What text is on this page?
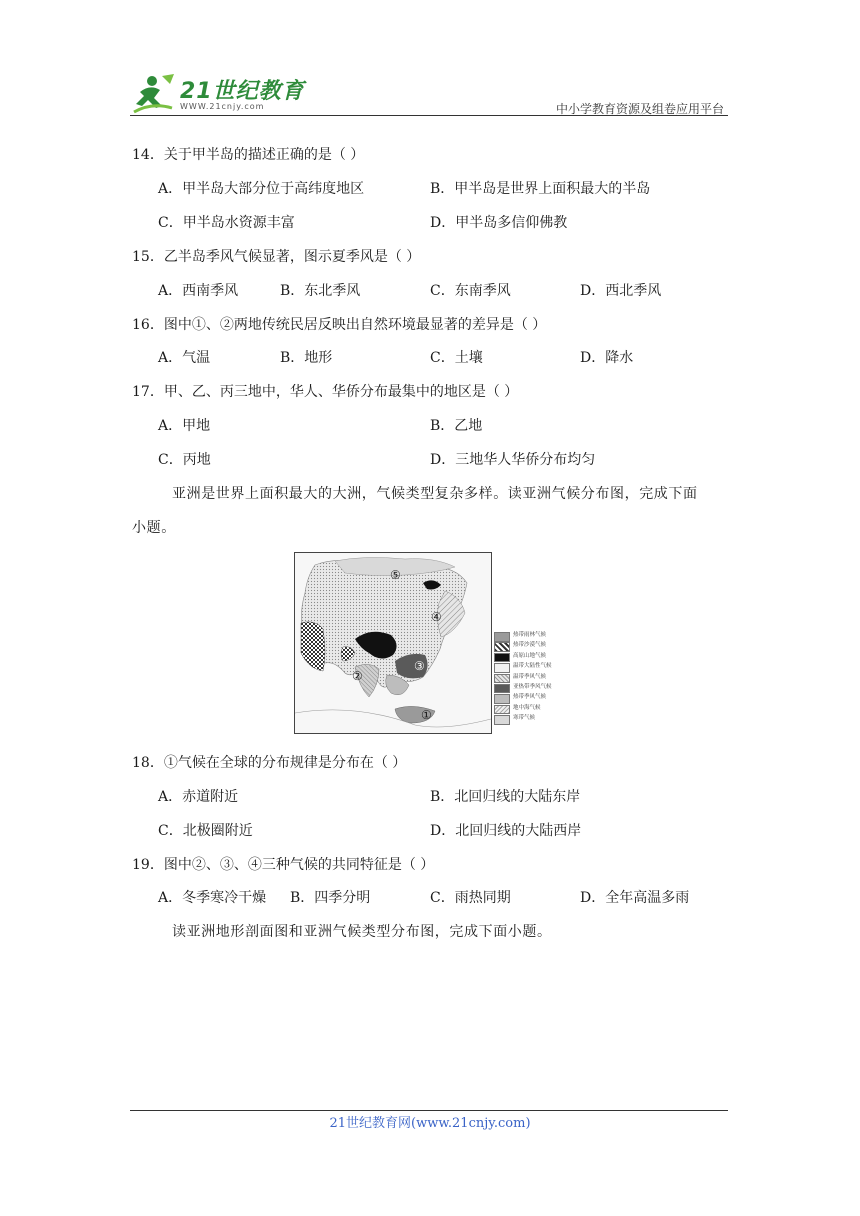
21世纪教育
WWW.21cnjy.com	中小学教育资源及组卷应用平台
14．关于甲半岛的描述正确的是（ ）
A．甲半岛大部分位于高纬度地区	B．甲半岛是世界上面积最大的半岛
C．甲半岛水资源丰富	D．甲半岛多信仰佛教
15．乙半岛季风气候显著，图示夏季风是（ ）
A．西南季风	B．东北季风	C．东南季风	D．西北季风
16．图中①、②两地传统民居反映出自然环境最显著的差异是（ ）
A．气温	B．地形	C．土壤	D．降水
17．甲、乙、丙三地中，华人、华侨分布最集中的地区是（ ）
A．甲地	B．乙地
C．丙地	D．三地华人华侨分布均匀
亚洲是世界上面积最大的大洲，气候类型复杂多样。读亚洲气候分布图，完成下面
小题。
⑤
④
③
②
①
热带雨林气候
热带沙漠气候
高原山地气候
温带大陆性气候
温带季风气候
亚热带季风气候
热带季风气候
地中海气候
寒带气候
18．①气候在全球的分布规律是分布在（ ）
A．赤道附近	B．北回归线的大陆东岸
C．北极圈附近	D．北回归线的大陆西岸
19．图中②、③、④三种气候的共同特征是（ ）
A．冬季寒冷干燥 B．四季分明	C．雨热同期	D．全年高温多雨
读亚洲地形剖面图和亚洲气候类型分布图，完成下面小题。
21世纪教育网(www.21cnjy.com)
